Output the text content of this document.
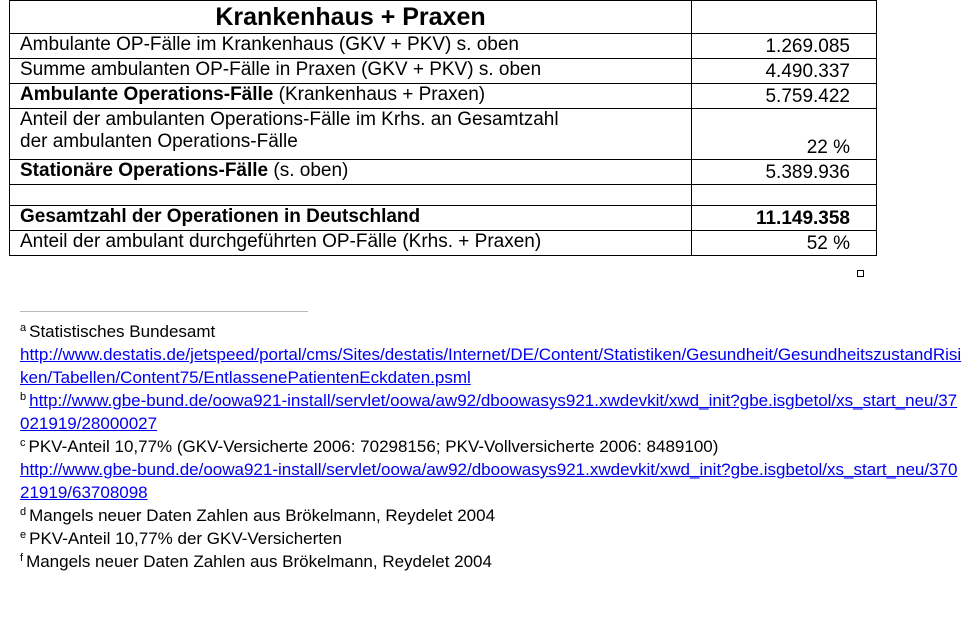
Krankenhaus + Praxen	
Ambulante OP-Fälle im Krankenhaus (GKV + PKV) s. oben	1.269.085
Summe ambulanten OP-Fälle in Praxen (GKV + PKV) s. oben	4.490.337
Ambulante Operations-Fälle (Krankenhaus + Praxen)	5.759.422
Anteil der ambulanten Operations-Fälle im Krhs. an Gesamtzahl
der ambulanten Operations-Fälle	22 %
Stationäre Operations-Fälle (s. oben)	5.389.936

Gesamtzahl der Operationen in Deutschland	11.149.358
Anteil der ambulant durchgeführten OP-Fälle (Krhs. + Praxen)	52 %

$^a$ Statistisches Bundesamt
http://www.destatis.de/jetspeed/portal/cms/Sites/destatis/Internet/DE/Content/Statistiken/Gesundheit/GesundheitszustandRisiken/Tabellen/Content75/EntlassenePatientenEckdaten.psml

$^b$ http://www.gbe-bund.de/oowa921-install/servlet/oowa/aw92/dboowasys921.xwdevkit/xwd_init?gbe.isgbetol/xs_start_neu/37021919/28000027

$^c$ PKV-Anteil 10,77% (GKV-Versicherte 2006: 70298156; PKV-Vollversicherte 2006: 8489100)
http://www.gbe-bund.de/oowa921-install/servlet/oowa/aw92/dboowasys921.xwdevkit/xwd_init?gbe.isgbetol/xs_start_neu/37021919/63708098

$^d$ Mangels neuer Daten Zahlen aus Brökelmann, Reydelet 2004

$^e$ PKV-Anteil 10,77% der GKV-Versicherten

$^f$ Mangels neuer Daten Zahlen aus Brökelmann, Reydelet 2004
